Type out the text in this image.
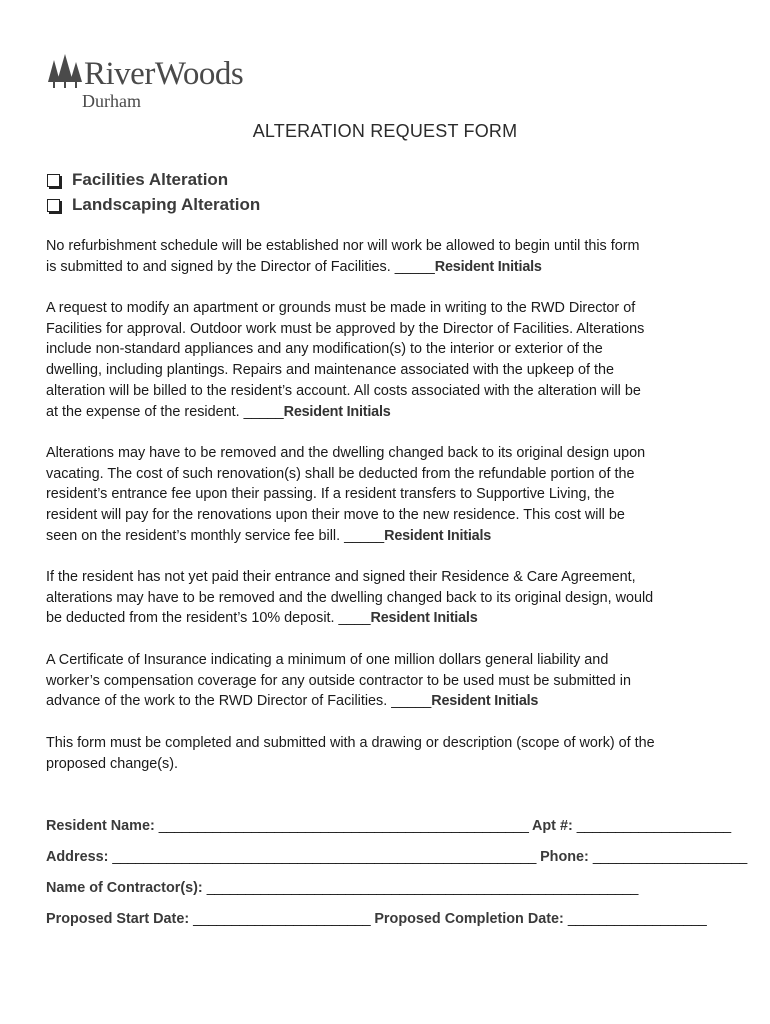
RiverWoods
Durham
ALTERATION REQUEST FORM
Facilities Alteration
Landscaping Alteration
No refurbishment schedule will be established nor will work be allowed to begin until this form
is submitted to and signed by the Director of Facilities. _____Resident Initials
A request to modify an apartment or grounds must be made in writing to the RWD Director of
Facilities for approval. Outdoor work must be approved by the Director of Facilities. Alterations
include non-standard appliances and any modification(s) to the interior or exterior of the
dwelling, including plantings. Repairs and maintenance associated with the upkeep of the
alteration will be billed to the resident’s account. All costs associated with the alteration will be
at the expense of the resident. _____Resident Initials
Alterations may have to be removed and the dwelling changed back to its original design upon
vacating. The cost of such renovation(s) shall be deducted from the refundable portion of the
resident’s entrance fee upon their passing. If a resident transfers to Supportive Living, the
resident will pay for the renovations upon their move to the new residence. This cost will be
seen on the resident’s monthly service fee bill. _____Resident Initials
If the resident has not yet paid their entrance and signed their Residence & Care Agreement,
alterations may have to be removed and the dwelling changed back to its original design, would
be deducted from the resident’s 10% deposit. ____Resident Initials
A Certificate of Insurance indicating a minimum of one million dollars general liability and
worker’s compensation coverage for any outside contractor to be used must be submitted in
advance of the work to the RWD Director of Facilities. _____Resident Initials
This form must be completed and submitted with a drawing or description (scope of work) of the
proposed change(s).
Resident Name: ________________________________________________ Apt #: ____________________
Address: _______________________________________________________ Phone: ____________________
Name of Contractor(s): ________________________________________________________
Proposed Start Date: _______________________ Proposed Completion Date: __________________
